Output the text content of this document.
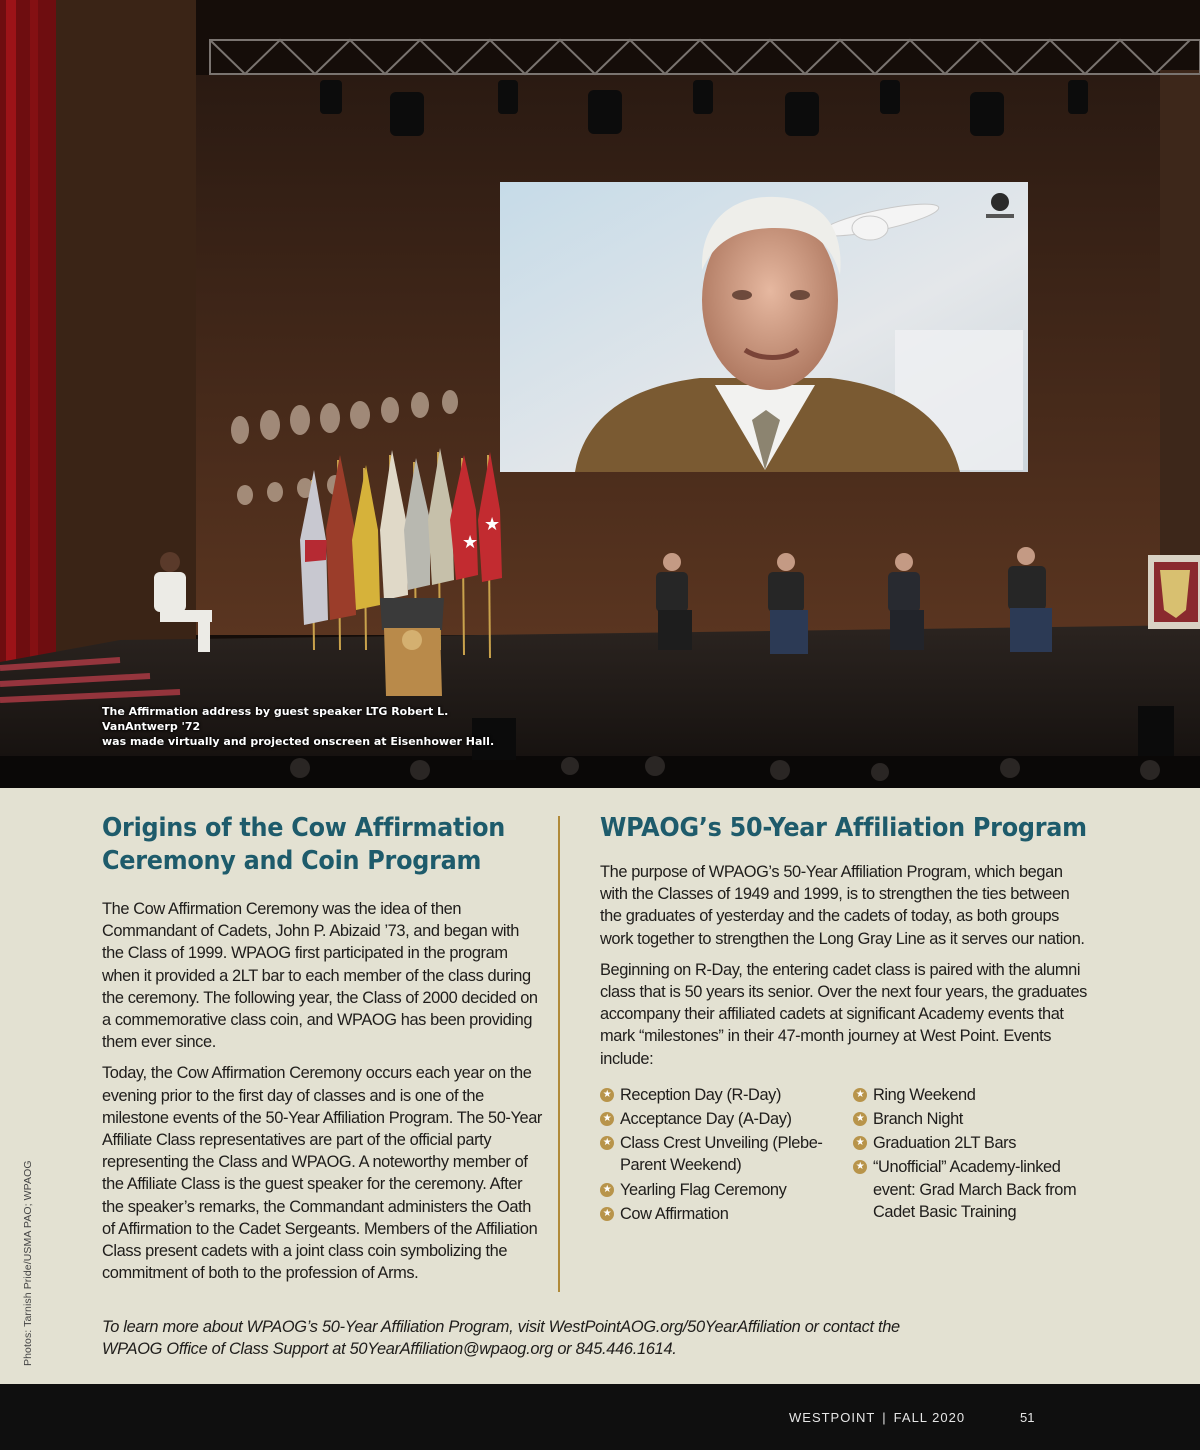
★
★
The Affirmation address by guest speaker LTG Robert L. VanAntwerp '72
was made virtually and projected onscreen at Eisenhower Hall.
Origins of the Cow Affirmation
Ceremony and Coin Program

The Cow Affirmation Ceremony was the idea of then Commandant of Cadets, John P. Abizaid ’73, and began with the Class of 1999. WPAOG first participated in the program when it provided a 2LT bar to each member of the class during the ceremony. The following year, the Class of 2000 decided on a commemorative class coin, and WPAOG has been providing them ever since.

Today, the Cow Affirmation Ceremony occurs each year on the evening prior to the first day of classes and is one of the milestone events of the 50-Year Affiliation Program. The 50-Year Affiliate Class representatives are part of the official party representing the Class and WPAOG. A noteworthy member of the Affiliate Class is the guest speaker for the ceremony. After the speaker’s remarks, the Commandant administers the Oath of Affirmation to the Cadet Sergeants. Members of the Affiliation Class present cadets with a joint class coin symbolizing the commitment of both to the profession of Arms.

WPAOG’s 50-Year Affiliation Program

The purpose of WPAOG’s 50-Year Affiliation Program, which began with the Classes of 1949 and 1999, is to strengthen the ties between the graduates of yesterday and the cadets of today, as both groups work together to strengthen the Long Gray Line as it serves our nation.

Beginning on R-Day, the entering cadet class is paired with the alumni class that is 50 years its senior. Over the next four years, the graduates accompany their affiliated cadets at significant Academy events that mark “milestones” in their 47-month journey at West Point. Events include:

★ Reception Day (R-Day)
★ Acceptance Day (A-Day)
★ Class Crest Unveiling (Plebe-Parent Weekend)
★ Yearling Flag Ceremony
★ Cow Affirmation
★ Ring Weekend
★ Branch Night
★ Graduation 2LT Bars
★ “Unofficial” Academy-linked event: Grad March Back from Cadet Basic Training
To learn more about WPAOG’s 50-Year Affiliation Program, visit WestPointAOG.org/50YearAffiliation or contact the
WPAOG Office of Class Support at 50YearAffiliation@wpaog.org or 845.446.1614.
Photos: Tarnish Pride/USMA PAO; WPAOG
WESTPOINT | FALL 2020	51
